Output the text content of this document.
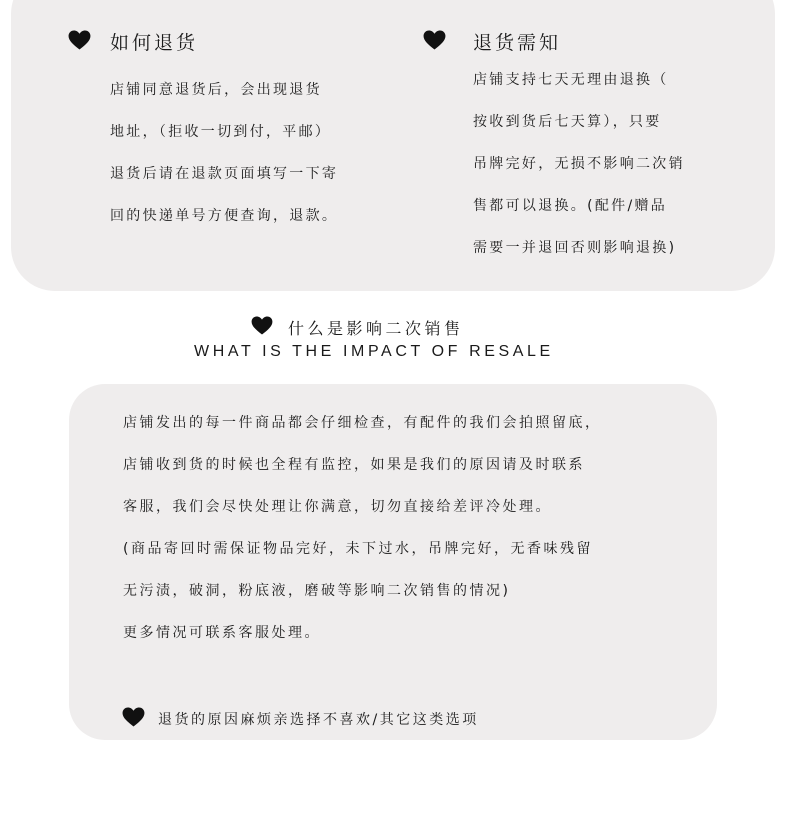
如何退货
店铺同意退货后，会出现退货
地址，（拒收一切到付，平邮）
退货后请在退款页面填写一下寄
回的快递单号方便查询，退款。
退货需知
店铺支持七天无理由退换（
按收到货后七天算），只要
吊牌完好，无损不影响二次销
售都可以退换。(配件/赠品
需要一并退回否则影响退换)
什么是影响二次销售
WHAT IS THE IMPACT OF RESALE
店铺发出的每一件商品都会仔细检查，有配件的我们会拍照留底，
店铺收到货的时候也全程有监控，如果是我们的原因请及时联系
客服，我们会尽快处理让你满意，切勿直接给差评冷处理。
(商品寄回时需保证物品完好，未下过水，吊牌完好，无香味残留
无污渍，破洞，粉底液，磨破等影响二次销售的情况)
更多情况可联系客服处理。
退货的原因麻烦亲选择不喜欢/其它这类选项
